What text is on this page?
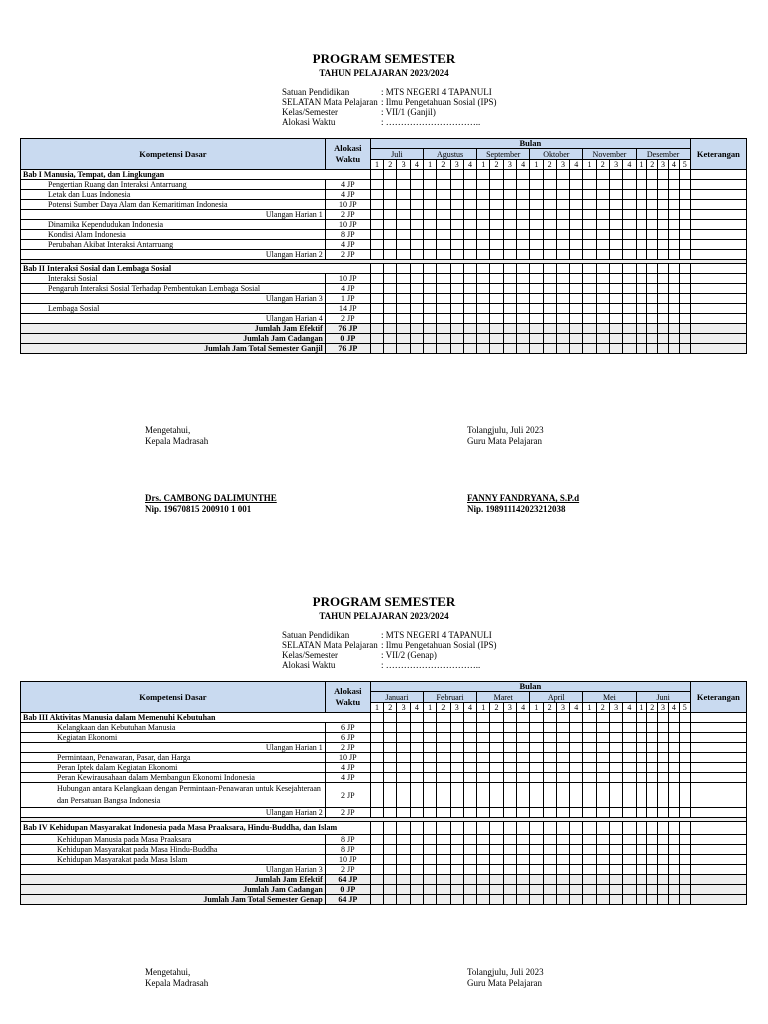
PROGRAM SEMESTER
TAHUN PELAJARAN 2023/2024
Satuan Pendidikan	: MTS NEGERI 4 TAPANULI
SELATAN Mata Pelajaran : Ilmu Pengetahuan Sosial (IPS)
Kelas/Semester	: VII/1 (Ganjil)
Alokasi Waktu	: …………………………..
Kompetensi Dasar	Alokasi Waktu	Bulan																									Keterangan
		Juli				Agustus				September				Oktober				November				Desember					
		1	2	3	4	1	2	3	4	1	2	3	4	1	2	3	4	1	2	3	4	1	2	3	4	5	
Bab I Manusia, Tempat, dan Lingkungan																											
Pengertian Ruang dan Interaksi Antarruang	4 JP																										
Letak dan Luas Indonesia	4 JP																										
Potensi Sumber Daya Alam dan Kemaritiman Indonesia	10 JP																										
Ulangan Harian 1	2 JP																										
Dinamika Kependudukan Indonesia	10 JP																										
Kondisi Alam Indonesia	8 JP																										
Perubahan Akibat Interaksi Antarruang	4 JP																										
Ulangan Harian 2	2 JP																										

Bab II Interaksi Sosial dan Lembaga Sosial																											
Interaksi Sosial	10 JP																										
Pengaruh Interaksi Sosial Terhadap Pembentukan Lembaga Sosial	4 JP																										
Ulangan Harian 3	1 JP																										
Lembaga Sosial	14 JP																										
Ulangan Harian 4	2 JP																										
Jumlah Jam Efektif	76 JP																										
Jumlah Jam Cadangan	0 JP																										
Jumlah Jam Total Semester Ganjil	76 JP																										
Mengetahui,
Kepala Madrasah
Tolangjulu, Juli 2023
Guru Mata Pelajaran
Drs. CAMBONG DALIMUNTHE
Nip. 19670815 200910 1 001
FANNY FANDRYANA, S.P.d
Nip. 198911142023212038
PROGRAM SEMESTER
TAHUN PELAJARAN 2023/2024
Satuan Pendidikan	: MTS NEGERI 4 TAPANULI
SELATAN Mata Pelajaran : Ilmu Pengetahuan Sosial (IPS)
Kelas/Semester	: VII/2 (Genap)
Alokasi Waktu	: …………………………..
Kompetensi Dasar	Alokasi Waktu	Bulan																									Keterangan
		Januari				Februari				Maret				April				Mei				Juni					
		1	2	3	4	1	2	3	4	1	2	3	4	1	2	3	4	1	2	3	4	1	2	3	4	5	
Bab III Aktivitas Manusia dalam Memenuhi Kebutuhan																											
Kelangkaan dan Kebutuhan Manusia	6 JP																										
Kegiatan Ekonomi	6 JP																										
Ulangan Harian 1	2 JP																										
Permintaan, Penawaran, Pasar, dan Harga	10 JP																										
Peran Iptek dalam Kegiatan Ekonomi	4 JP																										
Peran Kewirausahaan dalam Membangun Ekonomi Indonesia	4 JP																										
Hubungan antara Kelangkaan dengan Permintaan-Penawaran untuk Kesejahteraan dan Persatuan Bangsa Indonesia	2 JP																										
Ulangan Harian 2	2 JP																										

Bab IV Kehidupan Masyarakat Indonesia pada Masa Praaksara, Hindu-Buddha, dan Islam																											
Kehidupan Manusia pada Masa Praaksara	8 JP																										
Kehidupan Masyarakat pada Masa Hindu-Buddha	8 JP																										
Kehidupan Masyarakat pada Masa Islam	10 JP																										
Ulangan Harian 3	2 JP																										
Jumlah Jam Efektif	64 JP																										
Jumlah Jam Cadangan	0 JP																										
Jumlah Jam Total Semester Genap	64 JP																										
Mengetahui,
Kepala Madrasah
Tolangjulu, Juli 2023
Guru Mata Pelajaran
